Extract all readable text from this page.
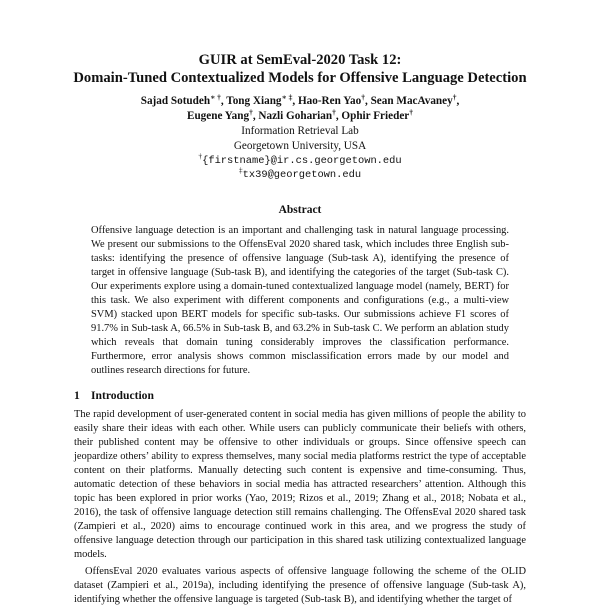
GUIR at SemEval-2020 Task 12:
Domain-Tuned Contextualized Models for Offensive Language Detection
Sajad Sotudeh∗ †, Tong Xiang∗ ‡, Hao-Ren Yao†, Sean MacAvaney†,
Eugene Yang†, Nazli Goharian†, Ophir Frieder†
Information Retrieval Lab
Georgetown University, USA
†{firstname}@ir.cs.georgetown.edu
‡tx39@georgetown.edu
Abstract
Offensive language detection is an important and challenging task in natural language processing. We present our submissions to the OffensEval 2020 shared task, which includes three English sub-tasks: identifying the presence of offensive language (Sub-task A), identifying the presence of target in offensive language (Sub-task B), and identifying the categories of the target (Sub-task C). Our experiments explore using a domain-tuned contextualized language model (namely, BERT) for this task. We also experiment with different components and configurations (e.g., a multi-view SVM) stacked upon BERT models for specific sub-tasks. Our submissions achieve F1 scores of 91.7% in Sub-task A, 66.5% in Sub-task B, and 63.2% in Sub-task C. We perform an ablation study which reveals that domain tuning considerably improves the classification performance. Furthermore, error analysis shows common misclassification errors made by our model and outlines research directions for future.
1 Introduction

The rapid development of user-generated content in social media has given millions of people the ability to easily share their ideas with each other. While users can publicly communicate their beliefs with others, their published content may be offensive to other individuals or groups. Since offensive speech can jeopardize others’ ability to express themselves, many social media platforms restrict the type of acceptable content on their platforms. Manually detecting such content is expensive and time-consuming. Thus, automatic detection of these behaviors in social media has attracted researchers’ attention. Although this topic has been explored in prior works (Yao, 2019; Rizos et al., 2019; Zhang et al., 2018; Nobata et al., 2016), the task of offensive language detection still remains challenging. The OffensEval 2020 shared task (Zampieri et al., 2020) aims to encourage continued work in this area, and we progress the study of offensive language detection through our participation in this shared task utilizing contextualized language models.

OffensEval 2020 evaluates various aspects of offensive language following the scheme of the OLID dataset (Zampieri et al., 2019a), including identifying the presence of offensive language (Sub-task A), identifying whether the offensive language is targeted (Sub-task B), and identifying whether the target of
